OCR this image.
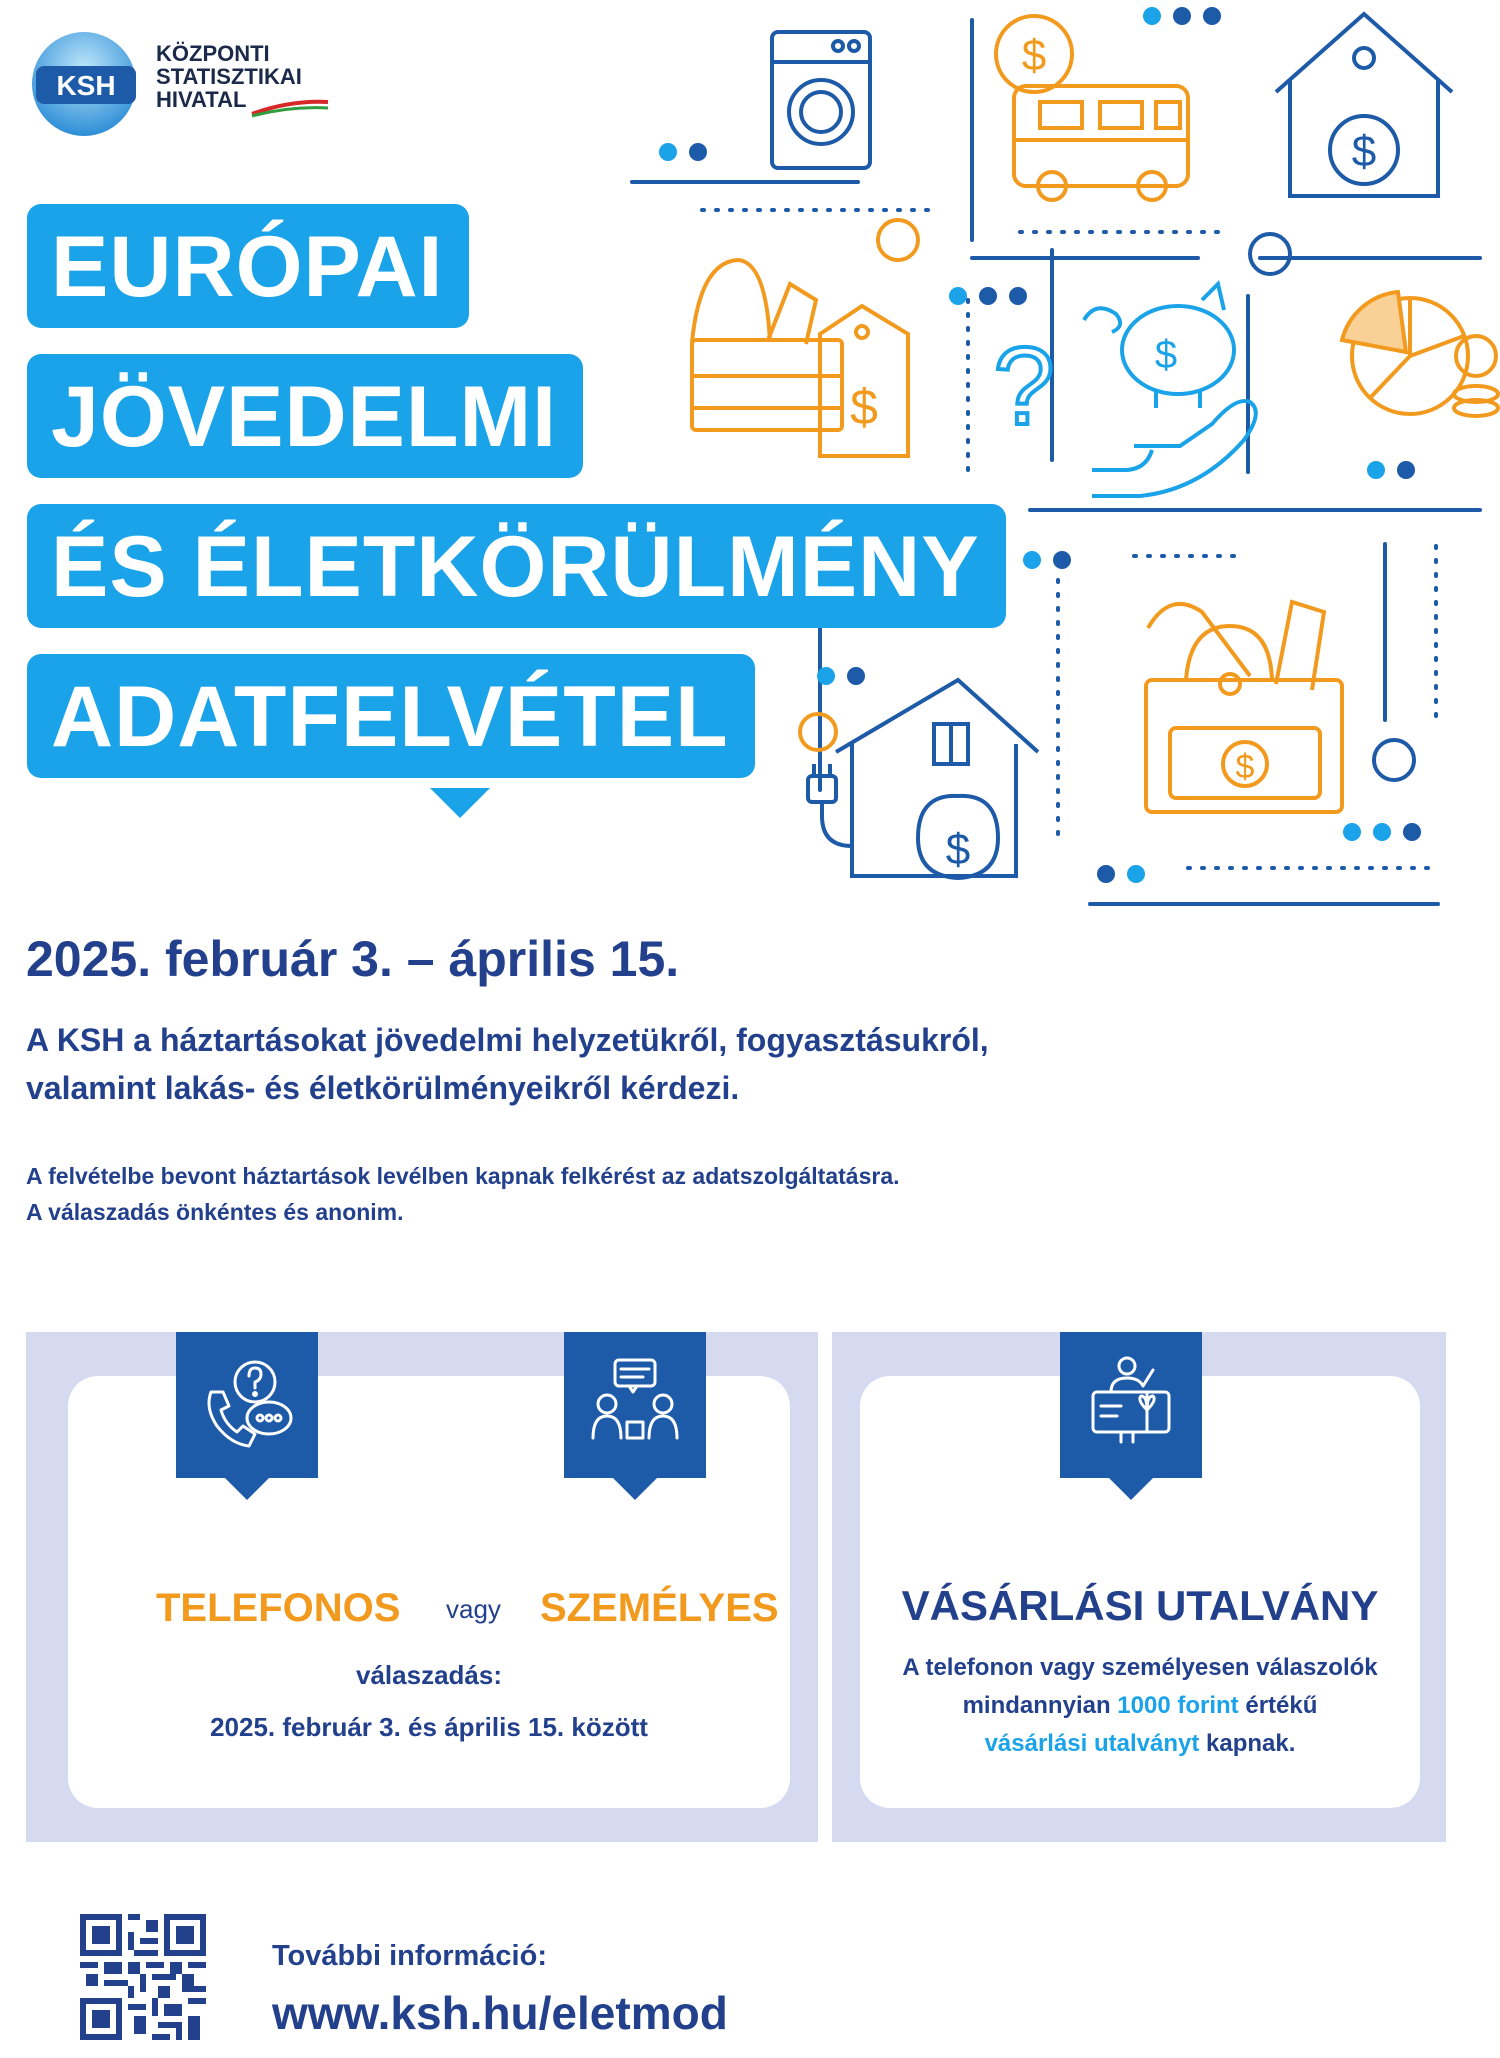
KSH
KÖZPONTI
STATISZTIKAI
HIVATAL
$
$
$ ?	$
$
$
EURÓPAI
JÖVEDELMI
ÉS ÉLETKÖRÜLMÉNY
ADATFELVÉTEL
2025. február 3. – április 15.
A KSH a háztartásokat jövedelmi helyzetükről, fogyasztásukról,
valamint lakás- és életkörülményeikről kérdezi.
A felvételbe bevont háztartások levélben kapnak felkérést az adatszolgáltatásra.
A válaszadás önkéntes és anonim.
TELEFONOS vagy SZEMÉLYES
válaszadás:
2025. február 3. és április 15. között
VÁSÁRLÁSI UTALVÁNY
A telefonon vagy személyesen válaszolók
mindannyian 1000 forint értékű
vásárlási utalványt kapnak.
További információ:
www.ksh.hu/eletmod
